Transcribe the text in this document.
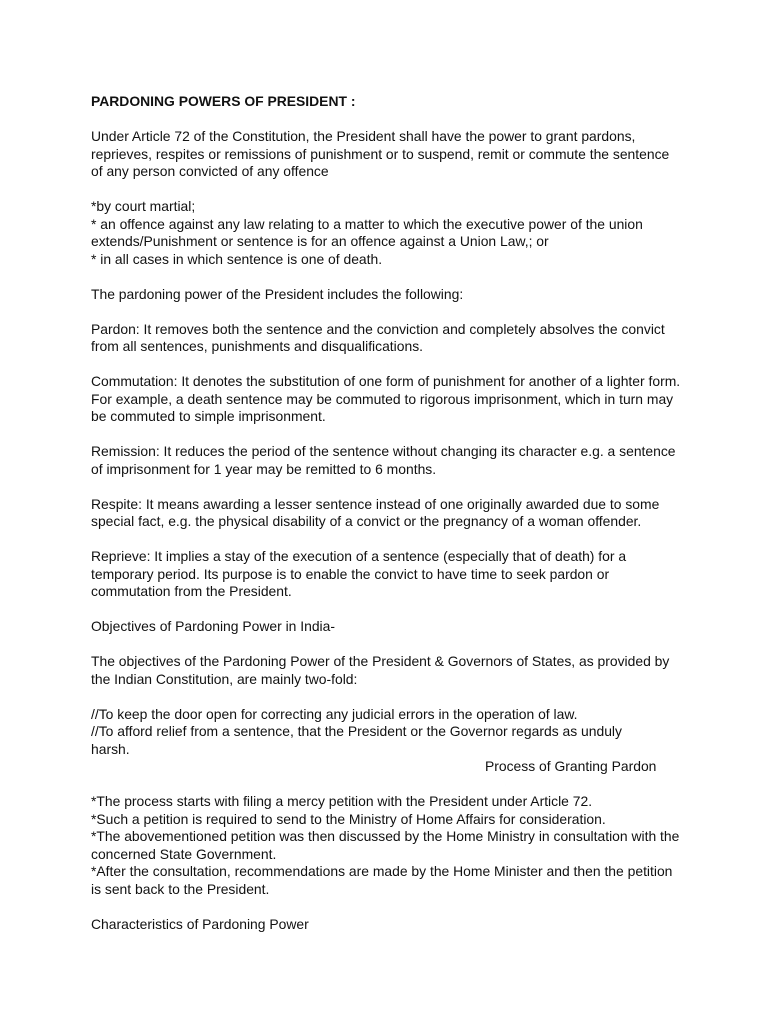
PARDONING POWERS OF PRESIDENT :

Under Article 72 of the Constitution, the President shall have the power to grant pardons,
reprieves, respites or remissions of punishment or to suspend, remit or commute the sentence
of any person convicted of any offence

*by court martial;
* an offence against any law relating to a matter to which the executive power of the union
extends/Punishment or sentence is for an offence against a Union Law,; or
* in all cases in which sentence is one of death.

The pardoning power of the President includes the following:

Pardon: It removes both the sentence and the conviction and completely absolves the convict
from all sentences, punishments and disqualifications.

Commutation: It denotes the substitution of one form of punishment for another of a lighter form.
For example, a death sentence may be commuted to rigorous imprisonment, which in turn may
be commuted to simple imprisonment.

Remission: It reduces the period of the sentence without changing its character e.g. a sentence
of imprisonment for 1 year may be remitted to 6 months.

Respite: It means awarding a lesser sentence instead of one originally awarded due to some
special fact, e.g. the physical disability of a convict or the pregnancy of a woman offender.

Reprieve: It implies a stay of the execution of a sentence (especially that of death) for a
temporary period. Its purpose is to enable the convict to have time to seek pardon or
commutation from the President.

Objectives of Pardoning Power in India-

The objectives of the Pardoning Power of the President & Governors of States, as provided by
the Indian Constitution, are mainly two-fold:

//To keep the door open for correcting any judicial errors in the operation of law.
//To afford relief from a sentence, that the President or the Governor regards as unduly
harsh.
Process of Granting Pardon

*The process starts with filing a mercy petition with the President under Article 72.
*Such a petition is required to send to the Ministry of Home Affairs for consideration.
*The abovementioned petition was then discussed by the Home Ministry in consultation with the
concerned State Government.
*After the consultation, recommendations are made by the Home Minister and then the petition
is sent back to the President.

Characteristics of Pardoning Power
